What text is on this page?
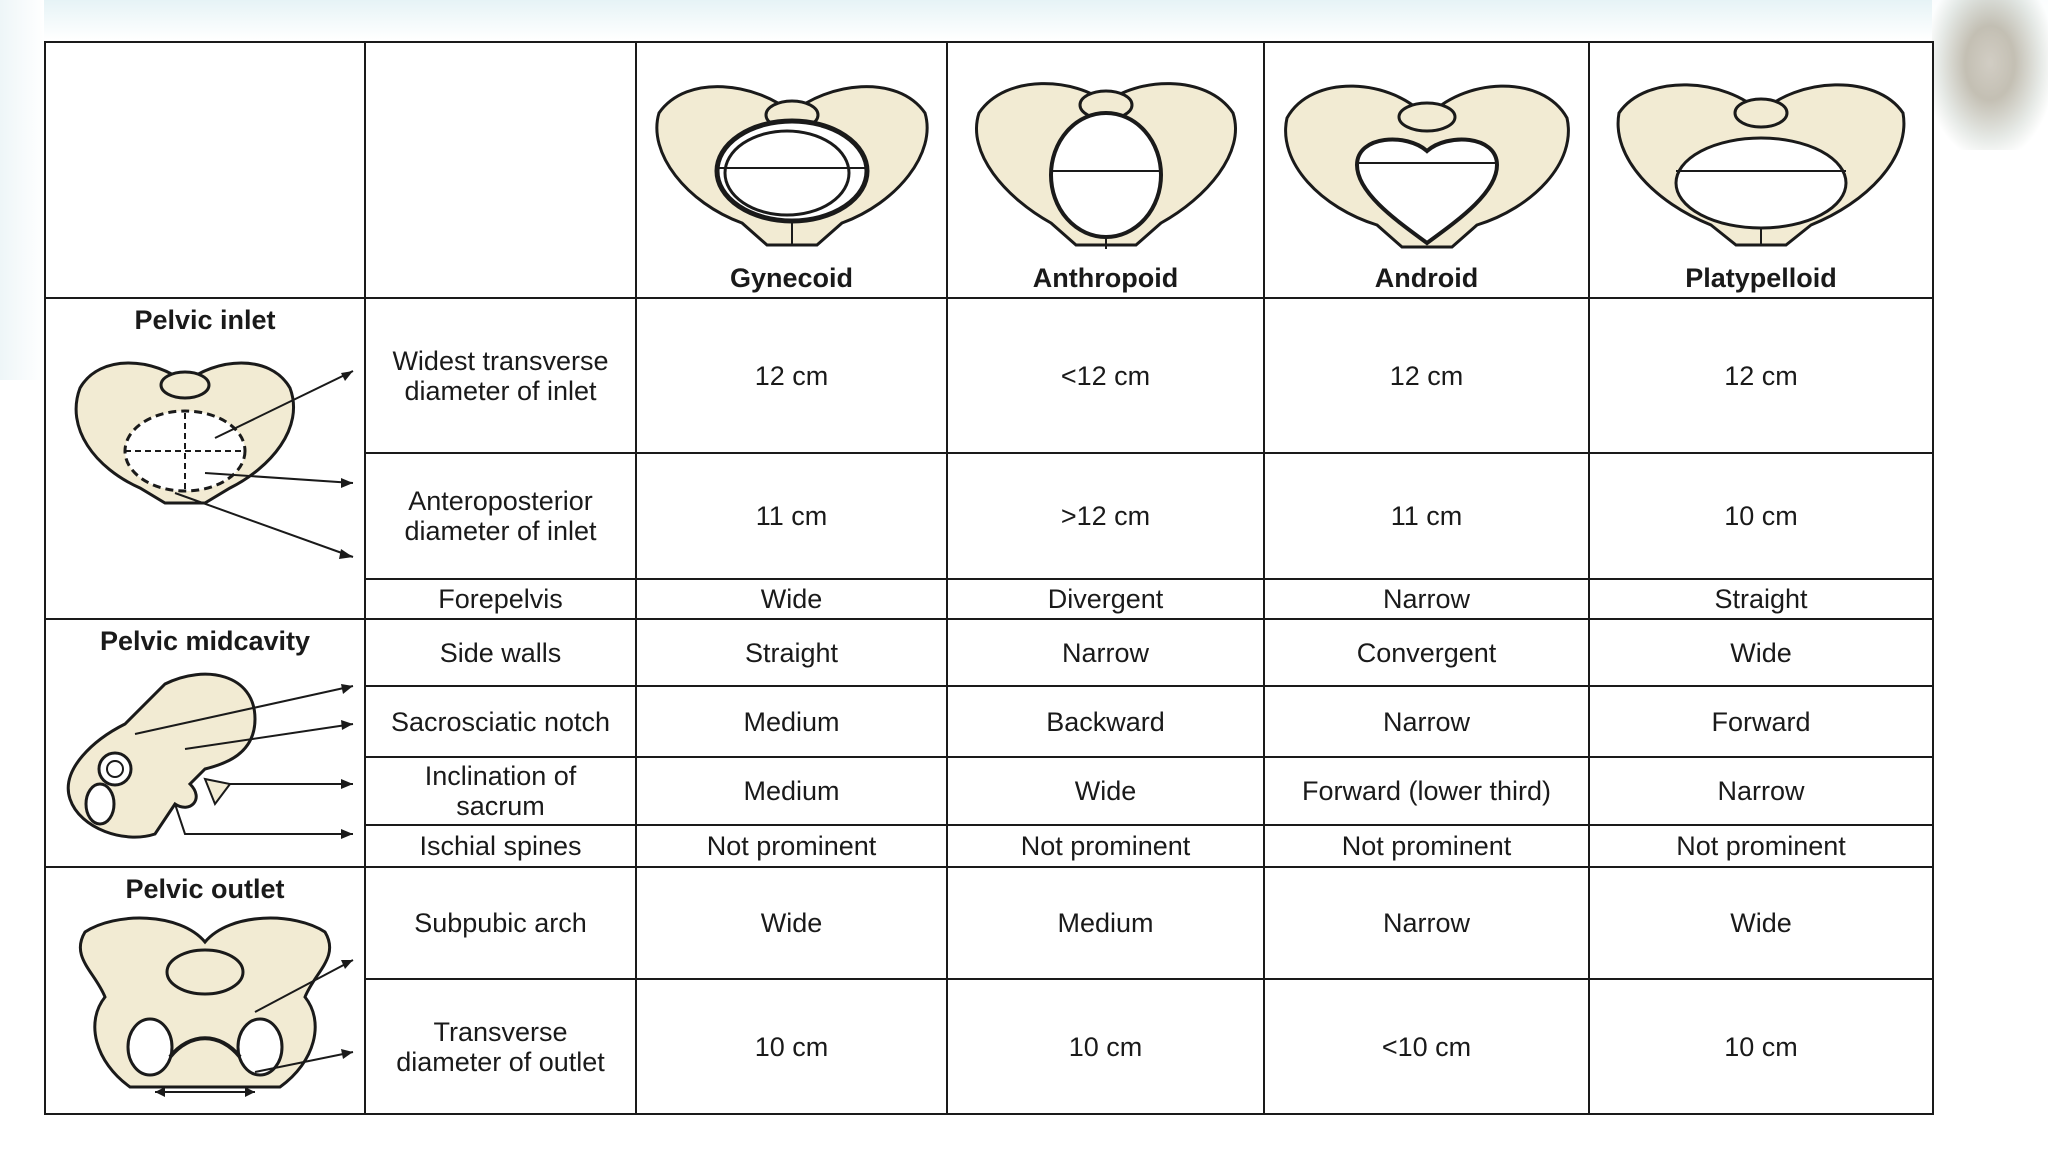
Gynecoid	Anthropoid	Android	Platypelloid
Pelvic inlet
Pelvic midcavity
Pelvic outlet
Widest transverse diameter of inlet	12 cm	<12 cm	12 cm	12 cm
Anteroposterior diameter of inlet	11 cm	>12 cm	11 cm	10 cm
Forepelvis	Wide	Divergent	Narrow	Straight
Side walls	Straight	Narrow	Convergent	Wide
Sacrosciatic notch	Medium	Backward	Narrow	Forward
Inclination of sacrum	Medium	Wide	Forward (lower third)	Narrow
Ischial spines	Not prominent	Not prominent	Not prominent	Not prominent
Subpubic arch	Wide	Medium	Narrow	Wide
Transverse diameter of outlet	10 cm	10 cm	<10 cm	10 cm
